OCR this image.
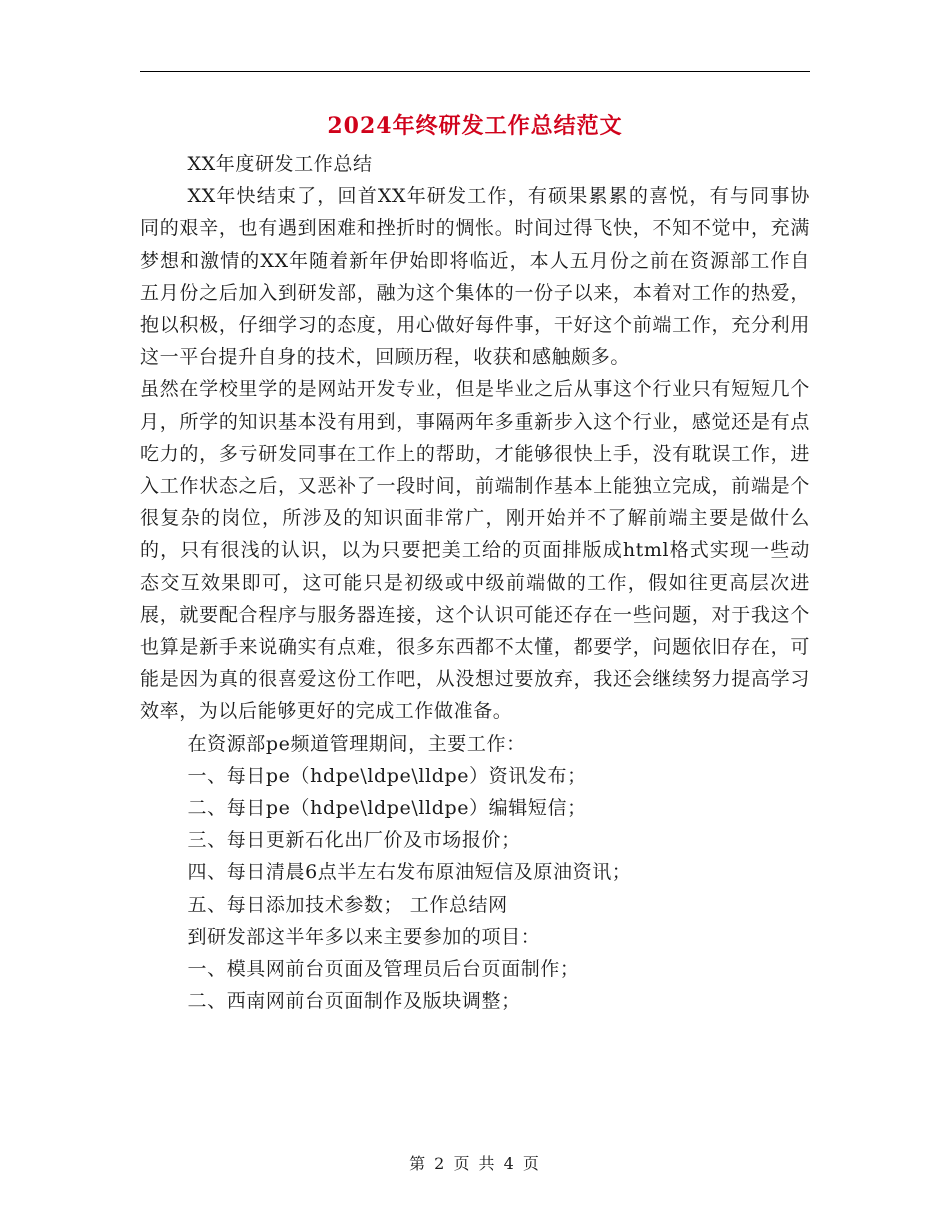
2024年终研发工作总结范文

XX年度研发工作总结

XX年快结束了，回首XX年研发工作，有硕果累累的喜悦，有与同事协同的艰辛，也有遇到困难和挫折时的惆怅。时间过得飞快，不知不觉中，充满梦想和激情的XX年随着新年伊始即将临近，本人五月份之前在资源部工作自五月份之后加入到研发部，融为这个集体的一份子以来，本着对工作的热爱，抱以积极，仔细学习的态度，用心做好每件事，干好这个前端工作，充分利用这一平台提升自身的技术，回顾历程，收获和感触颇多。

虽然在学校里学的是网站开发专业，但是毕业之后从事这个行业只有短短几个月，所学的知识基本没有用到，事隔两年多重新步入这个行业，感觉还是有点吃力的，多亏研发同事在工作上的帮助，才能够很快上手，没有耽误工作，进入工作状态之后，又恶补了一段时间，前端制作基本上能独立完成，前端是个很复杂的岗位，所涉及的知识面非常广，刚开始并不了解前端主要是做什么的，只有很浅的认识，以为只要把美工给的页面排版成html格式实现一些动态交互效果即可，这可能只是初级或中级前端做的工作，假如往更高层次进展，就要配合程序与服务器连接，这个认识可能还存在一些问题，对于我这个也算是新手来说确实有点难，很多东西都不太懂，都要学，问题依旧存在，可能是因为真的很喜爱这份工作吧，从没想过要放弃，我还会继续努力提高学习效率，为以后能够更好的完成工作做准备。

在资源部pe频道管理期间，主要工作：

一、每日pe（hdpe\ldpe\lldpe）资讯发布；

二、每日pe（hdpe\ldpe\lldpe）编辑短信；

三、每日更新石化出厂价及市场报价；

四、每日清晨6点半左右发布原油短信及原油资讯；

五、每日添加技术参数； 工作总结网

到研发部这半年多以来主要参加的项目：

一、模具网前台页面及管理员后台页面制作；

二、西南网前台页面制作及版块调整；

第 2 页 共 4 页
